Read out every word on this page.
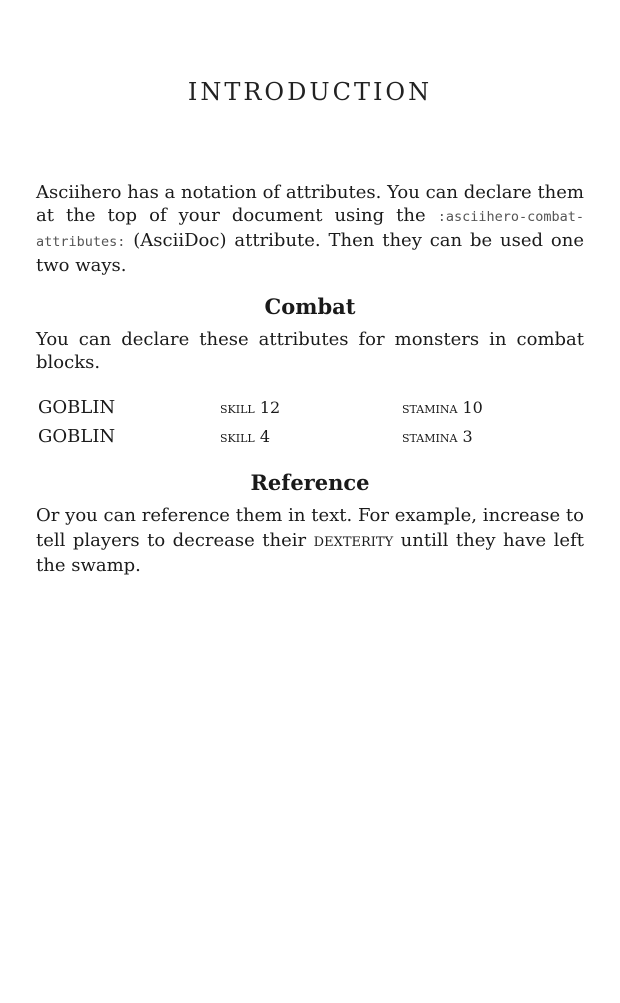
INTRODUCTION

Asciihero has a notation of attributes. You can declare them at the top of your document using the :asciihero-combat-attributes: (AsciiDoc) attribute. Then they can be used one two ways.

Combat

You can declare these attributes for monsters in combat blocks.

GOBLIN	skill 12	stamina 10
GOBLIN	skill 4	stamina 3
Reference

Or you can reference them in text. For example, increase to tell players to decrease their dexterity untill they have left the swamp.
